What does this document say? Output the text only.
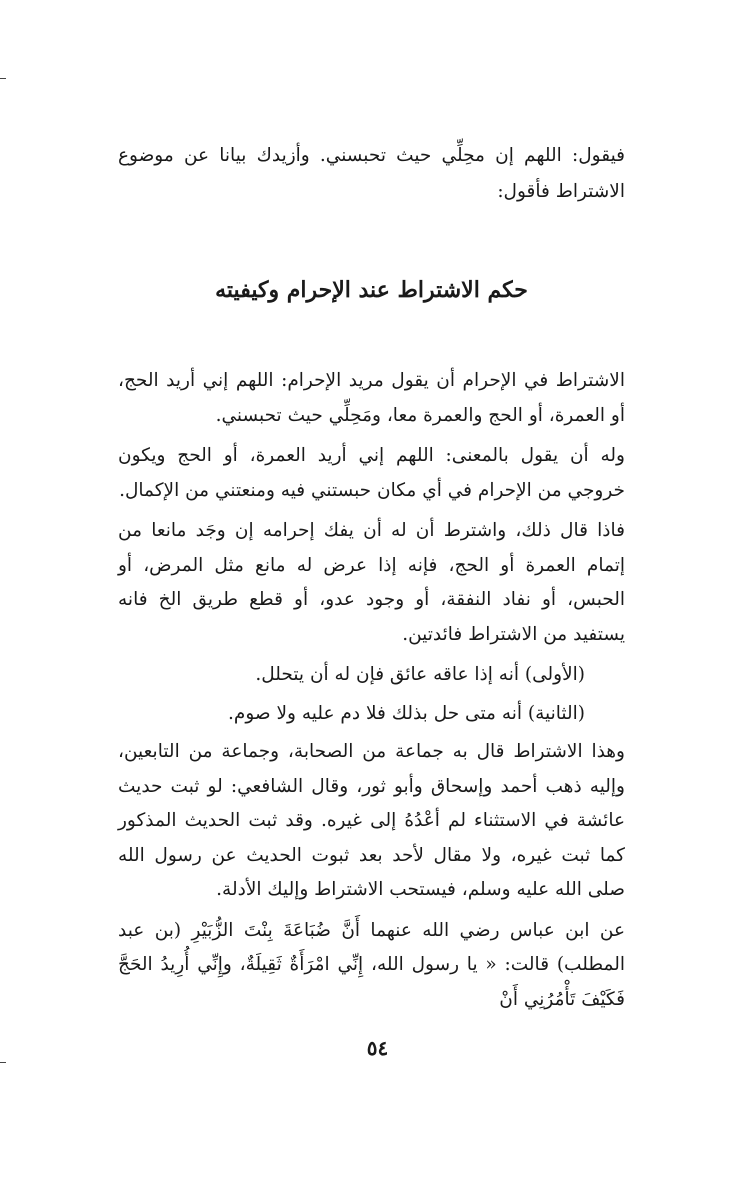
فيقول: اللهم إن محِلِّي حيث تحبسني. وأزيدك بيانا عن موضوع الاشتراط فأقول:
حكم الاشتراط عند الإحرام وكيفيته

الاشتراط في الإحرام أن يقول مريد الإحرام: اللهم إني أريد الحج، أو العمرة، أو الحج والعمرة معا، ومَحِلِّي حيث تحبسني.

وله أن يقول بالمعنى: اللهم إني أريد العمرة، أو الحج ويكون خروجي من الإحرام في أي مكان حبستني فيه ومنعتني من الإكمال.

فاذا قال ذلك، واشترط أن له أن يفك إحرامه إن وجَد مانعا من إتمام العمرة أو الحج، فإنه إذا عرض له مانع مثل المرض، أو الحبس، أو نفاد النفقة، أو وجود عدو، أو قطع طريق الخ فانه يستفيد من الاشتراط فائدتين.

(الأولى) أنه إذا عاقه عائق فإن له أن يتحلل.

(الثانية) أنه متى حل بذلك فلا دم عليه ولا صوم.

وهذا الاشتراط قال به جماعة من الصحابة، وجماعة من التابعين، وإليه ذهب أحمد وإسحاق وأبو ثور، وقال الشافعي: لو ثبت حديث عائشة في الاستثناء لم أعْدُهُ إلى غيره. وقد ثبت الحديث المذكور كما ثبت غيره، ولا مقال لأحد بعد ثبوت الحديث عن رسول الله صلى الله عليه وسلم، فيستحب الاشتراط وإليك الأدلة.

عن ابن عباس رضي الله عنهما أَنَّ ضُبَاعَةَ بِنْتَ الزُّبَيْرِ (بن عبد المطلب) قالت: « يا رسول الله، إِنِّي امْرَأَةٌ ثَقِيلَةٌ، وإِنِّي أُرِيدُ الحَجَّ فَكَيْفَ تَأْمُرُنِي أَنْ

٥٤
